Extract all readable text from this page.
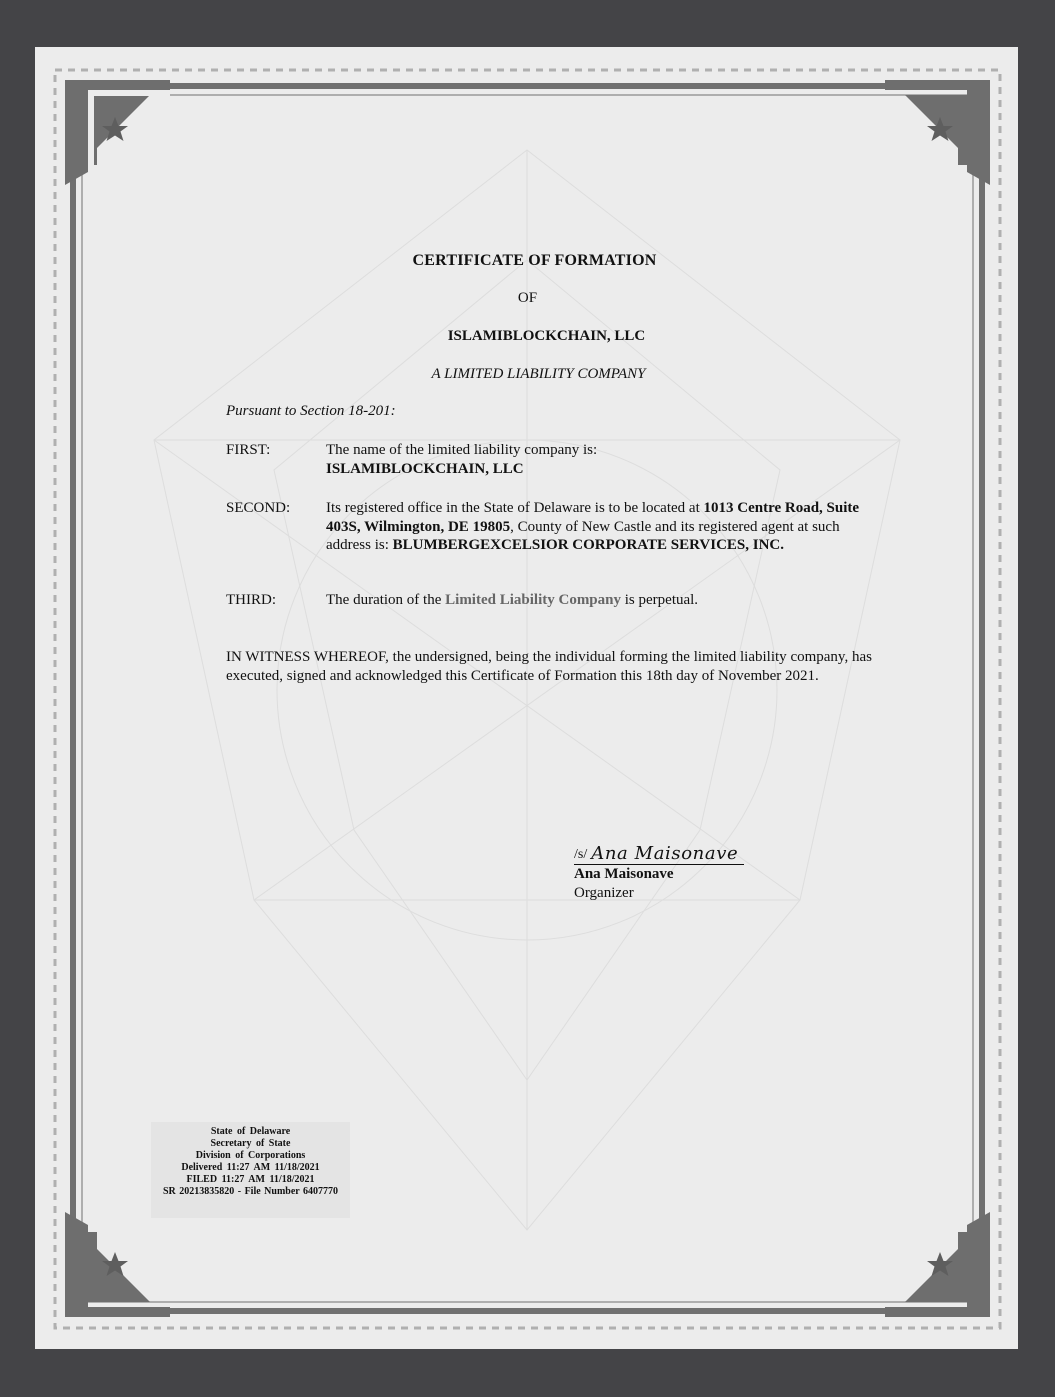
CERTIFICATE OF FORMATION
OF
ISLAMIBLOCKCHAIN, LLC
A LIMITED LIABILITY COMPANY
Pursuant to Section 18-201:
FIRST:	The name of the limited liability company is:
ISLAMIBLOCKCHAIN, LLC
SECOND: Its registered office in the State of Delaware is to be located at 1013 Centre Road, Suite 403S, Wilmington, DE 19805, County of New Castle and its registered agent at such address is: BLUMBERGEXCELSIOR CORPORATE SERVICES, INC.
THIRD:	The duration of the Limited Liability Company is perpetual.
IN WITNESS WHEREOF, the undersigned, being the individual forming the limited liability company, has executed, signed and acknowledged this Certificate of Formation this 18th day of November 2021.
/s/ Ana Maisonave
Ana Maisonave
Organizer
State of Delaware
Secretary of State
Division of Corporations
Delivered 11:27 AM 11/18/2021
FILED 11:27 AM 11/18/2021
SR 20213835820 - File Number 6407770
